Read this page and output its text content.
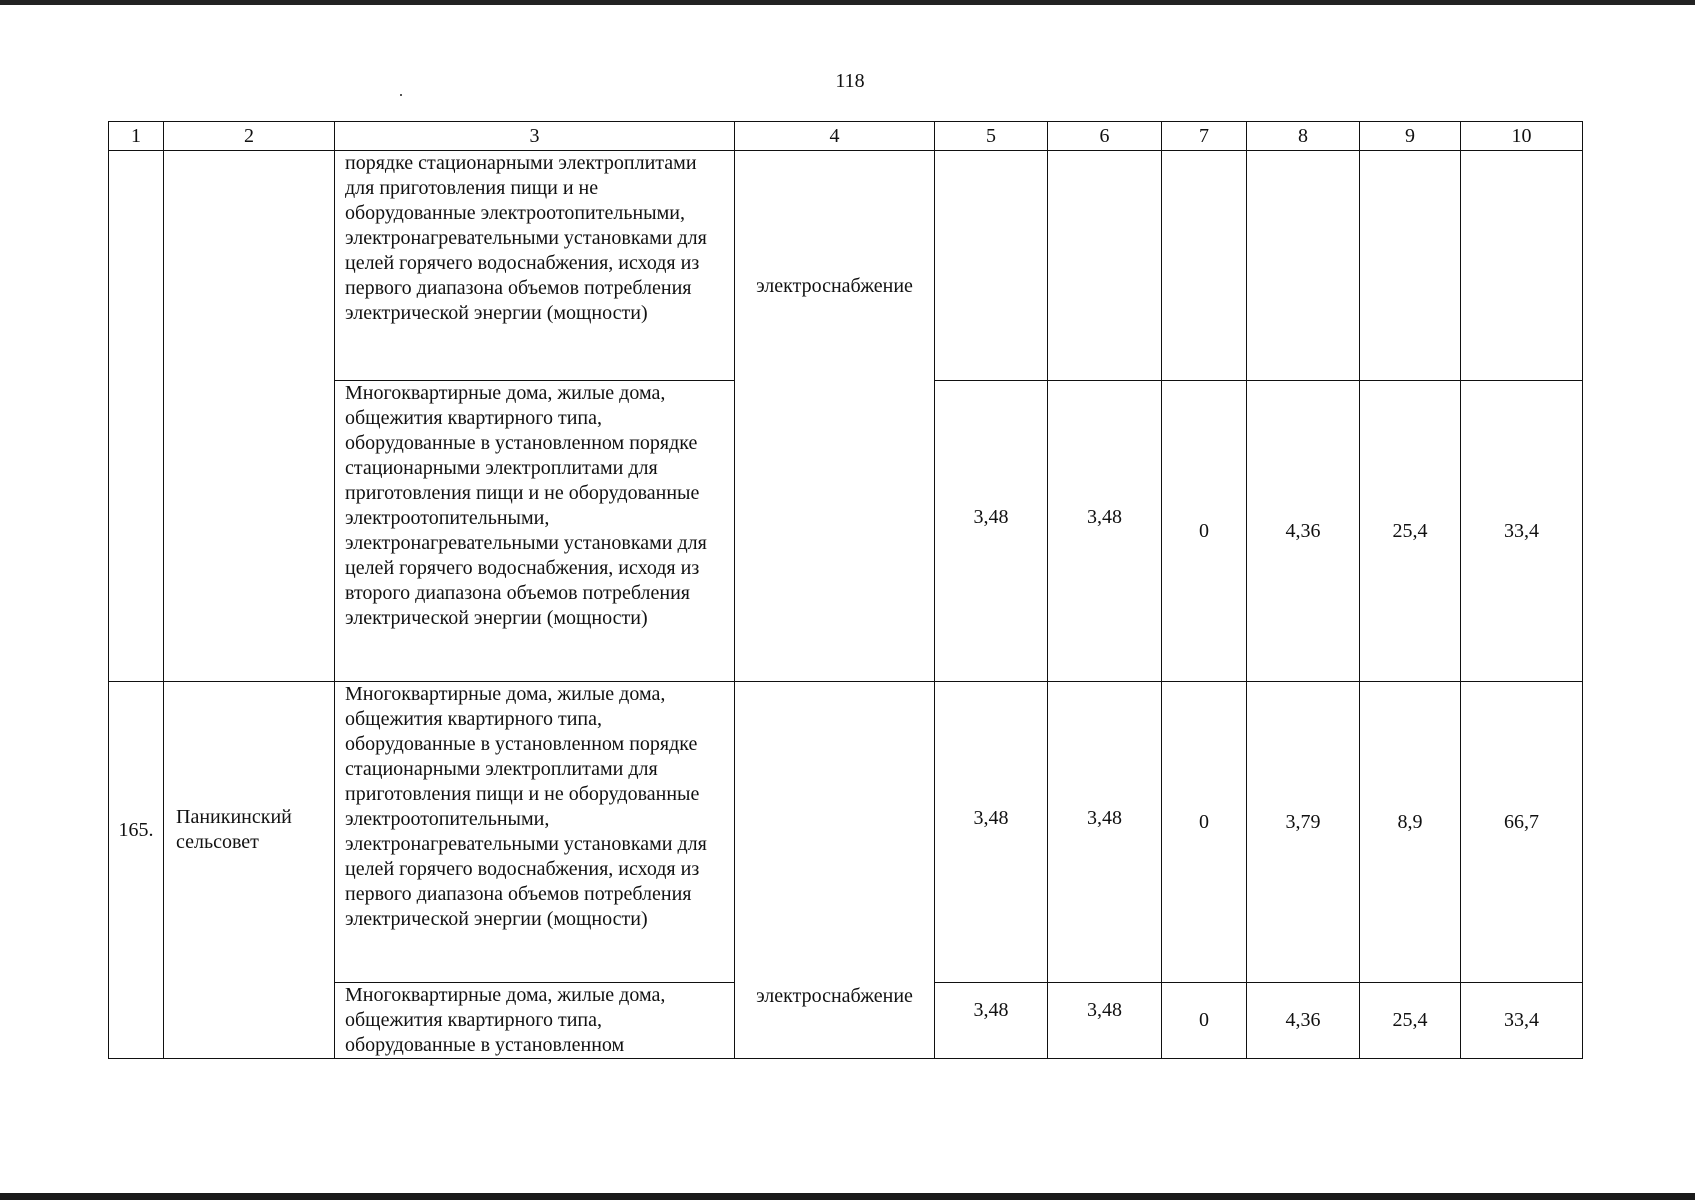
118
1	2	3	4	5	6	7	8	9	10
		порядке стационарными электроплитами для приготовления пищи и не оборудованные электроотопительными, электронагревательными установками для целей горячего водоснабжения, исходя из первого диапазона объемов потребления электрической энергии (мощности)	электроснабжение						
		Многоквартирные дома, жилые дома, общежития квартирного типа, оборудованные в установленном порядке стационарными электроплитами для приготовления пищи и не оборудованные электроотопительными, электронагревательными установками для целей горячего водоснабжения, исходя из второго диапазона объемов потребления электрической энергии (мощности)		3,48	3,48	0	4,36	25,4	33,4
165.	Паникинский сельсовет	Многоквартирные дома, жилые дома, общежития квартирного типа, оборудованные в установленном порядке стационарными электроплитами для приготовления пищи и не оборудованные электроотопительными, электронагревательными установками для целей горячего водоснабжения, исходя из первого диапазона объемов потребления электрической энергии (мощности)	электроснабжение	3,48	3,48	0	3,79	8,9	66,7
		Многоквартирные дома, жилые дома, общежития квартирного типа, оборудованные в установленном		3,48	3,48	0	4,36	25,4	33,4
